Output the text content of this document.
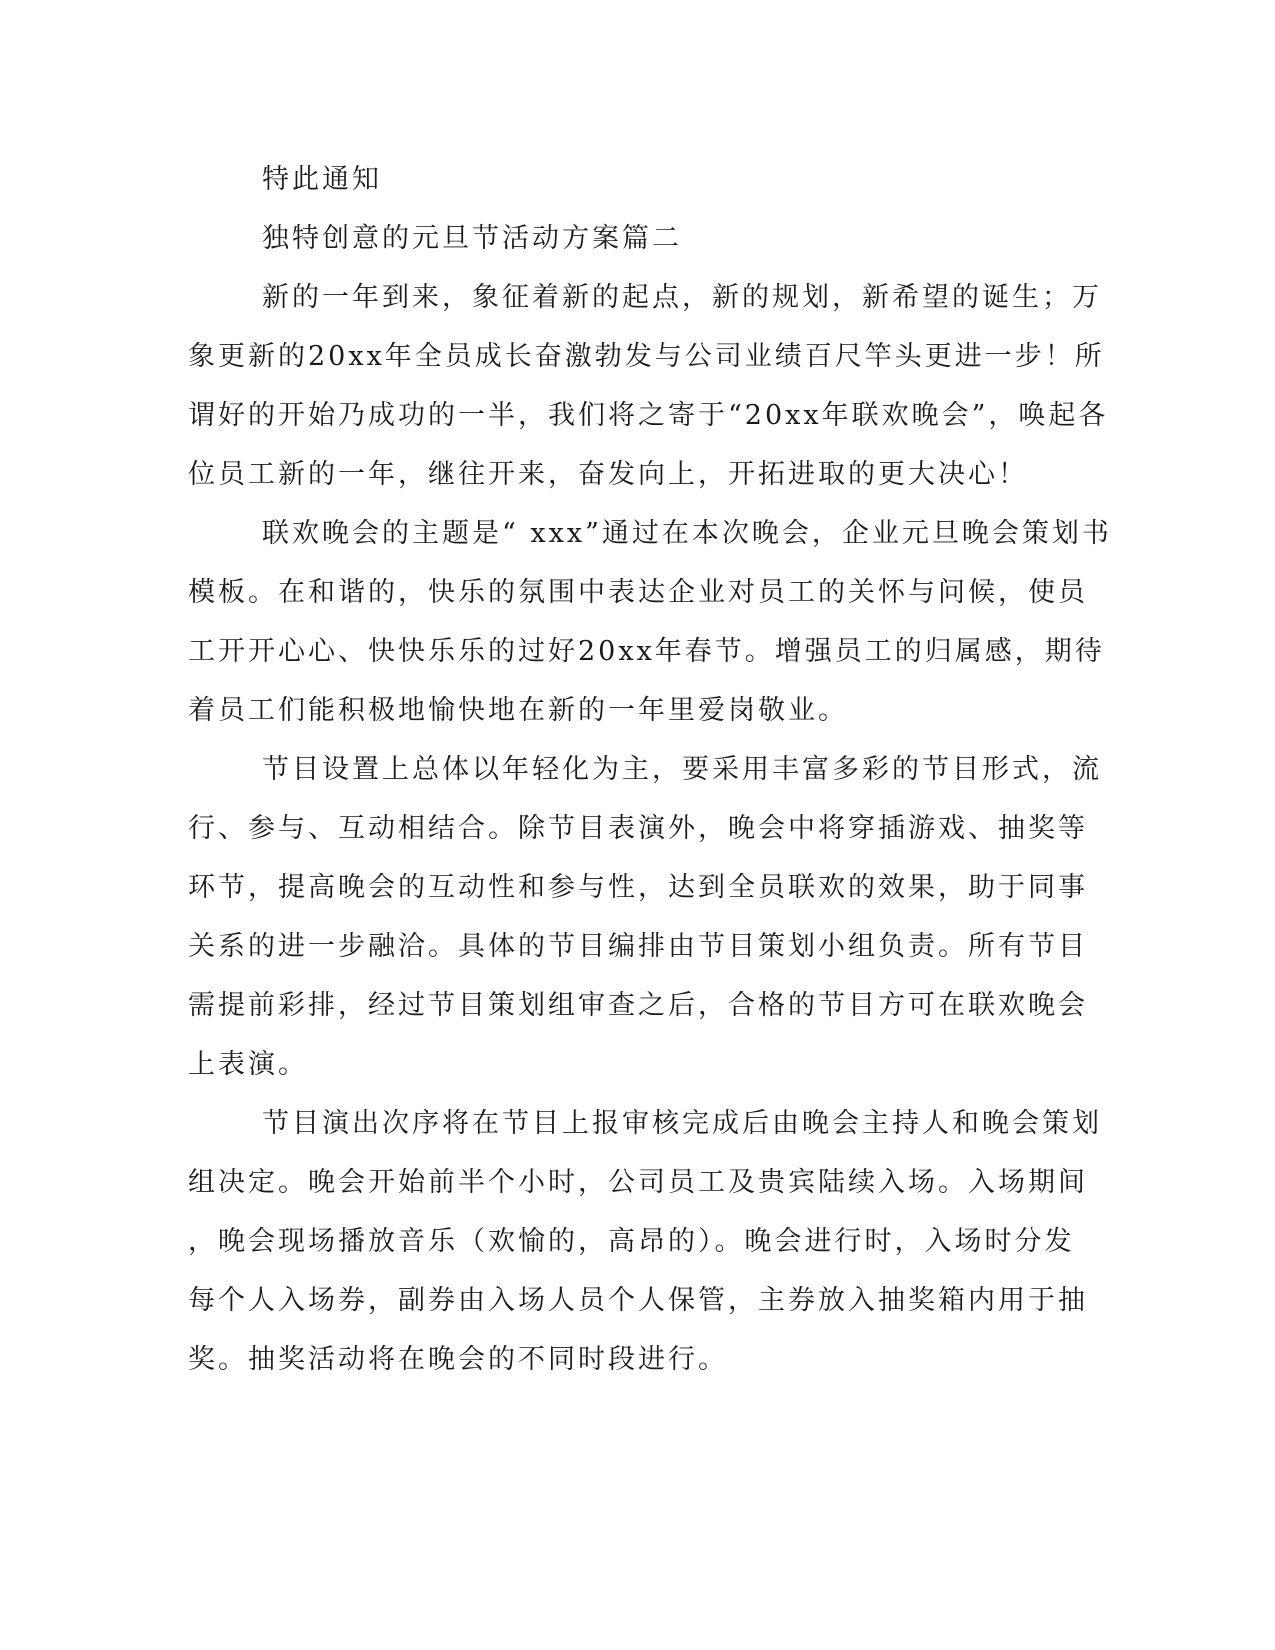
特此通知
独特创意的元旦节活动方案篇二
新的一年到来，象征着新的起点，新的规划，新希望的诞生；万
象更新的20xx年全员成长奋激勃发与公司业绩百尺竿头更进一步！所
谓好的开始乃成功的一半，我们将之寄于“20xx年联欢晚会”，唤起各
位员工新的一年，继往开来，奋发向上，开拓进取的更大决心！
联欢晚会的主题是“ xxx”通过在本次晚会，企业元旦晚会策划书
模板。在和谐的，快乐的氛围中表达企业对员工的关怀与问候，使员
工开开心心、快快乐乐的过好20xx年春节。增强员工的归属感，期待
着员工们能积极地愉快地在新的一年里爱岗敬业。
节目设置上总体以年轻化为主，要采用丰富多彩的节目形式，流
行、参与、互动相结合。除节目表演外，晚会中将穿插游戏、抽奖等
环节，提高晚会的互动性和参与性，达到全员联欢的效果，助于同事
关系的进一步融洽。具体的节目编排由节目策划小组负责。所有节目
需提前彩排，经过节目策划组审查之后，合格的节目方可在联欢晚会
上表演。
节目演出次序将在节目上报审核完成后由晚会主持人和晚会策划
组决定。晚会开始前半个小时，公司员工及贵宾陆续入场。入场期间
，晚会现场播放音乐（欢愉的，高昂的）。晚会进行时，入场时分发
每个人入场券，副券由入场人员个人保管，主券放入抽奖箱内用于抽
奖。抽奖活动将在晚会的不同时段进行。
